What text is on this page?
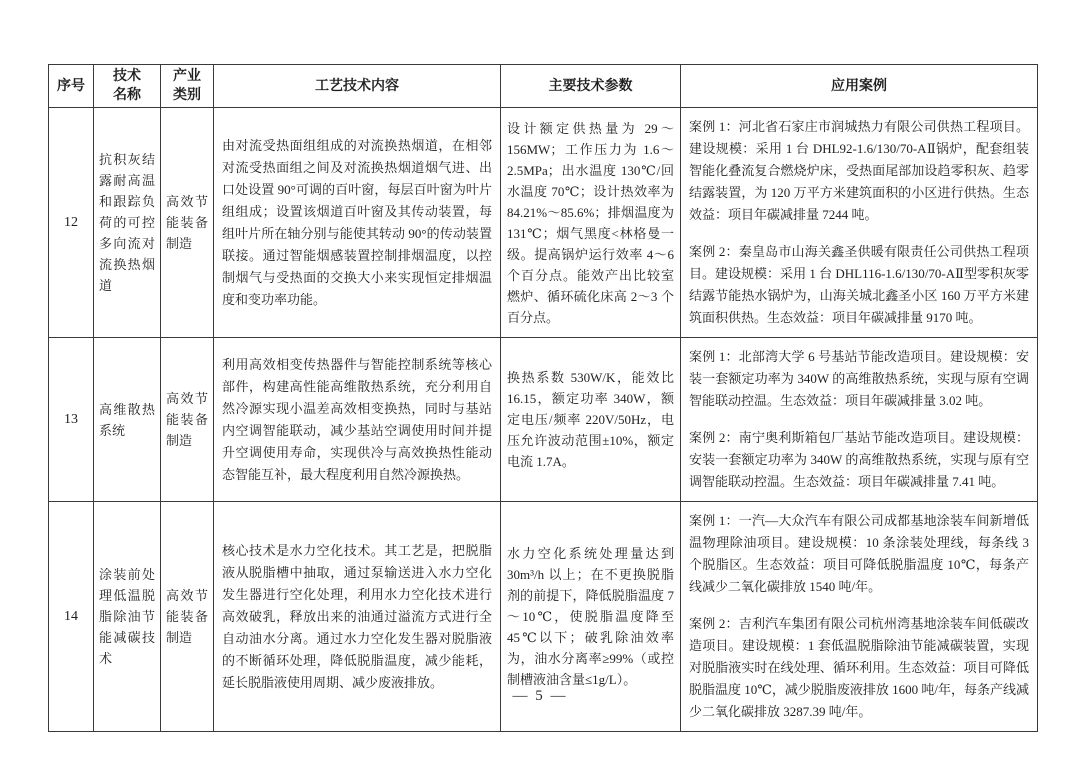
序号	技术名称	产业类别	工艺技术内容	主要技术参数	应用案例
12	抗积灰结露耐高温和跟踪负荷的可控多向流对流换热烟道	高效节能装备制造	由对流受热面组组成的对流换热烟道，在相邻对流受热面组之间及对流换热烟道烟气进、出口处设置 90°可调的百叶窗，每层百叶窗为叶片组组成；设置该烟道百叶窗及其传动装置，每组叶片所在轴分别与能使其转动 90°的传动装置联接。通过智能烟感装置控制排烟温度，以控制烟气与受热面的交换大小来实现恒定排烟温度和变功率功能。	设计额定供热量为 29～156MW；工作压力为 1.6～2.5MPa；出水温度 130℃/回水温度 70℃；设计热效率为 84.21%～85.6%；排烟温度为 131℃；烟气黑度<林格曼一级。提高锅炉运行效率 4～6 个百分点。能效产出比较室燃炉、循环硫化床高 2～3 个百分点。	案例 1：河北省石家庄市润城热力有限公司供热工程项目。建设规模：采用 1 台 DHL92-1.6/130/70-AⅡ锅炉，配套组装智能化叠流复合燃烧炉床，受热面尾部加设趋零积灰、趋零结露装置，为 120 万平方米建筑面积的小区进行供热。生态效益：项目年碳减排量 7244 吨。

案例 2：秦皇岛市山海关鑫圣供暖有限责任公司供热工程项目。建设规模：采用 1 台 DHL116-1.6/130/70-AⅡ型零积灰零结露节能热水锅炉为，山海关城北鑫圣小区 160 万平方米建筑面积供热。生态效益：项目年碳减排量 9170 吨。

13	高维散热系统	高效节能装备制造	利用高效相变传热器件与智能控制系统等核心部件，构建高性能高维散热系统，充分利用自然冷源实现小温差高效相变换热，同时与基站内空调智能联动，减少基站空调使用时间并提升空调使用寿命，实现供冷与高效换热性能动态智能互补，最大程度利用自然冷源换热。	换热系数 530W/K，能效比 16.15，额定功率 340W，额定电压/频率 220V/50Hz，电压允许波动范围±10%，额定电流 1.7A。	案例 1：北部湾大学 6 号基站节能改造项目。建设规模：安装一套额定功率为 340W 的高维散热系统，实现与原有空调智能联动控温。生态效益：项目年碳减排量 3.02 吨。

案例 2：南宁奥利斯箱包厂基站节能改造项目。建设规模：安装一套额定功率为 340W 的高维散热系统，实现与原有空调智能联动控温。生态效益：项目年碳减排量 7.41 吨。

14	涂装前处理低温脱脂除油节能减碳技术	高效节能装备制造	核心技术是水力空化技术。其工艺是，把脱脂液从脱脂槽中抽取，通过泵输送进入水力空化发生器进行空化处理，利用水力空化技术进行高效破乳，释放出来的油通过溢流方式进行全自动油水分离。通过水力空化发生器对脱脂液的不断循环处理，降低脱脂温度，减少能耗，延长脱脂液使用周期、减少废液排放。	水力空化系统处理量达到 30m³/h 以上；在不更换脱脂剂的前提下，降低脱脂温度 7～10℃，使脱脂温度降至 45℃以下；破乳除油效率为，油水分离率≥99%（或控制槽液油含量≤1g/L）。	案例 1：一汽—大众汽车有限公司成都基地涂装车间新增低温物理除油项目。建设规模：10 条涂装处理线，每条线 3 个脱脂区。生态效益：项目可降低脱脂温度 10℃，每条产线减少二氧化碳排放 1540 吨/年。

案例 2：吉利汽车集团有限公司杭州湾基地涂装车间低碳改造项目。建设规模：1 套低温脱脂除油节能减碳装置，实现对脱脂液实时在线处理、循环利用。生态效益：项目可降低脱脂温度 10℃，减少脱脂废液排放 1600 吨/年，每条产线减少二氧化碳排放 3287.39 吨/年。

— 5 —
